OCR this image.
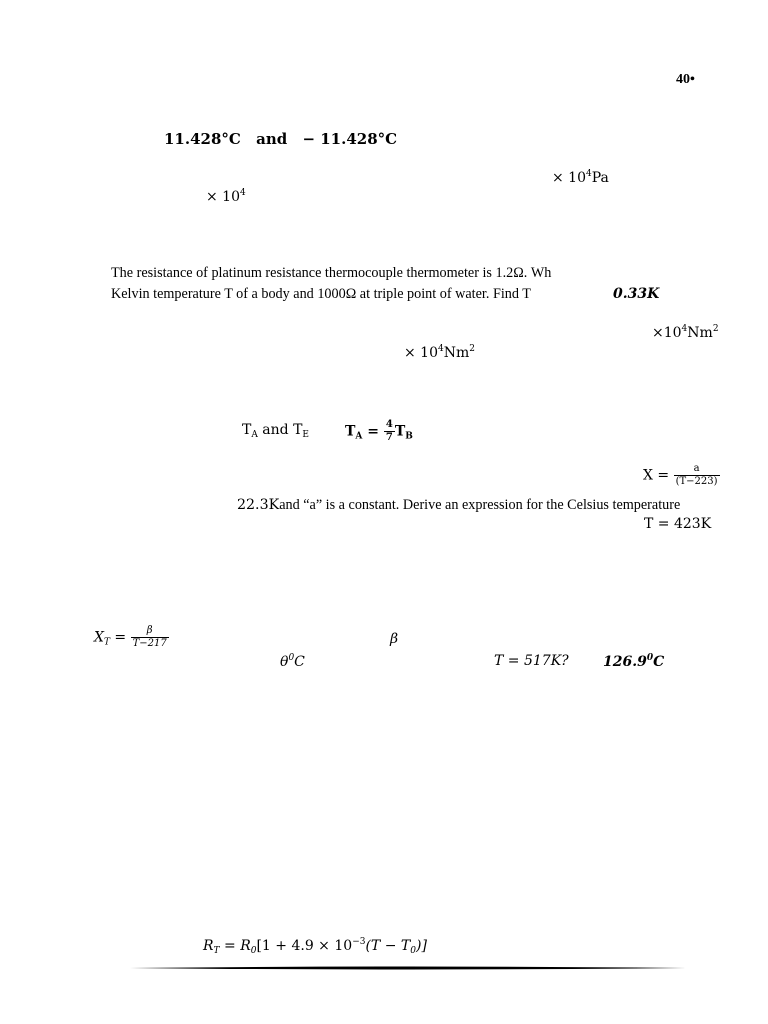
40•
11.428°C and − 11.428°C
× $10^4Pa$
× $10^4$
The resistance of platinum resistance thermocouple thermometer is 1.2Ω. Wh
Kelvin temperature T of a body and 1000Ω at triple point of water. Find T	0.33K
$\times 10^4Nm^2$
× $10^4Nm^2$
$T_A$ and $T_E$	$T_A = \frac{4}{7} T_B$
$X = \frac{a}{(T-223)}$
22.3Kand “a” is a constant. Derive an expression for the Celsius temperature
T = 423K
$X_T = \frac{\beta}{T-217}$	β
$\theta^0C$	T = 517K? 126.9$^0$C
$R_T = R_0[1 + 4.9 \times 10^{-3}(T - T_0)]$
